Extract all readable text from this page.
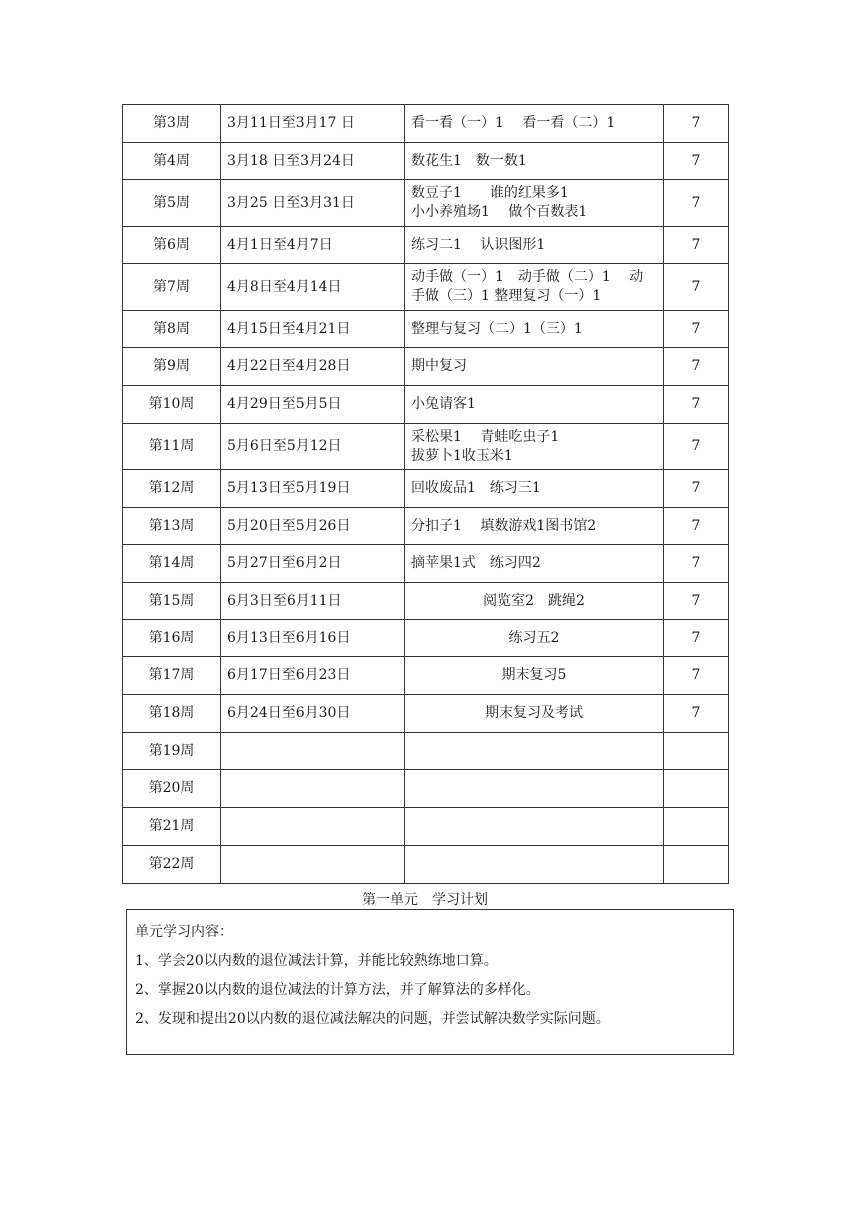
第3周	3月11日至3月17 日	看一看（一）1　 看一看（二）1	7
第4周	3月18 日至3月24日	数花生1　数一数1	7
第5周	3月25 日至3月31日	数豆子1　　谁的红果多1
小小养殖场1　 做个百数表1	7
第6周	4月1日至4月7日	练习二1　 认识图形1	7
第7周	4月8日至4月14日	动手做（一）1　动手做（二）1　 动
手做（三）1 整理复习（一）1	7
第8周	4月15日至4月21日	整理与复习（二）1（三）1	7
第9周	4月22日至4月28日	期中复习	7
第10周	4月29日至5月5日	小兔请客1	7
第11周	5月6日至5月12日	采松果1　 青蛙吃虫子1
拔萝卜1收玉米1	7
第12周	5月13日至5月19日	回收废品1　练习三1	7
第13周	5月20日至5月26日	分扣子1　 填数游戏1图书馆2	7
第14周	5月27日至6月2日	摘苹果1式　练习四2	7
第15周	6月3日至6月11日	阅览室2　跳绳2	7
第16周	6月13日至6月16日	练习五2	7
第17周	6月17日至6月23日	期末复习5	7
第18周	6月24日至6月30日	期末复习及考试	7
第19周			
第20周			
第21周			
第22周			
第一单元　学习计划
单元学习内容：
1、学会20以内数的退位减法计算，并能比较熟练地口算。
2、掌握20以内数的退位减法的计算方法，并了解算法的多样化。
2、发现和提出20以内数的退位减法解决的问题，并尝试解决数学实际问题。
